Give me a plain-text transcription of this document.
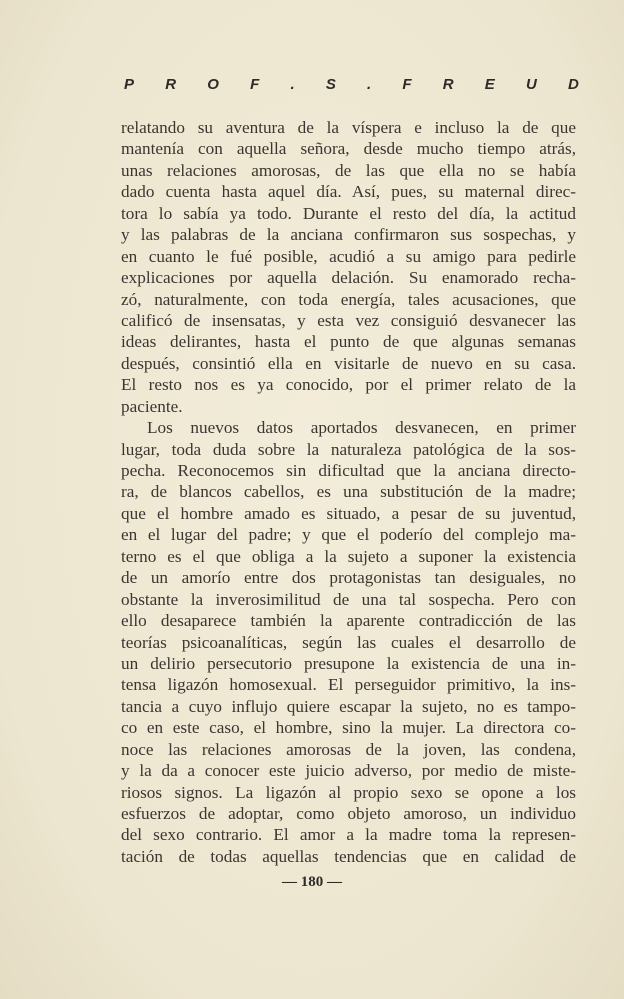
P R O F . S . F R E U D
relatando su aventura de la víspera e incluso la de que
mantenía con aquella señora, desde mucho tiempo atrás,
unas relaciones amorosas, de las que ella no se había
dado cuenta hasta aquel día. Así, pues, su maternal direc-
tora lo sabía ya todo. Durante el resto del día, la actitud
y las palabras de la anciana confirmaron sus sospechas, y
en cuanto le fué posible, acudió a su amigo para pedirle
explicaciones por aquella delación. Su enamorado recha-
zó, naturalmente, con toda energía, tales acusaciones, que
calificó de insensatas, y esta vez consiguió desvanecer las
ideas delirantes, hasta el punto de que algunas semanas
después, consintió ella en visitarle de nuevo en su casa.
El resto nos es ya conocido, por el primer relato de la
paciente.
Los nuevos datos aportados desvanecen, en primer
lugar, toda duda sobre la naturaleza patológica de la sos-
pecha. Reconocemos sin dificultad que la anciana directo-
ra, de blancos cabellos, es una substitución de la madre;
que el hombre amado es situado, a pesar de su juventud,
en el lugar del padre; y que el poderío del complejo ma-
terno es el que obliga a la sujeto a suponer la existencia
de un amorío entre dos protagonistas tan desiguales, no
obstante la inverosimilitud de una tal sospecha. Pero con
ello desaparece también la aparente contradicción de las
teorías psicoanalíticas, según las cuales el desarrollo de
un delirio persecutorio presupone la existencia de una in-
tensa ligazón homosexual. El perseguidor primitivo, la ins-
tancia a cuyo influjo quiere escapar la sujeto, no es tampo-
co en este caso, el hombre, sino la mujer. La directora co-
noce las relaciones amorosas de la joven, las condena,
y la da a conocer este juicio adverso, por medio de miste-
riosos signos. La ligazón al propio sexo se opone a los
esfuerzos de adoptar, como objeto amoroso, un individuo
del sexo contrario. El amor a la madre toma la represen-
tación de todas aquellas tendencias que en calidad de
— 180 —
